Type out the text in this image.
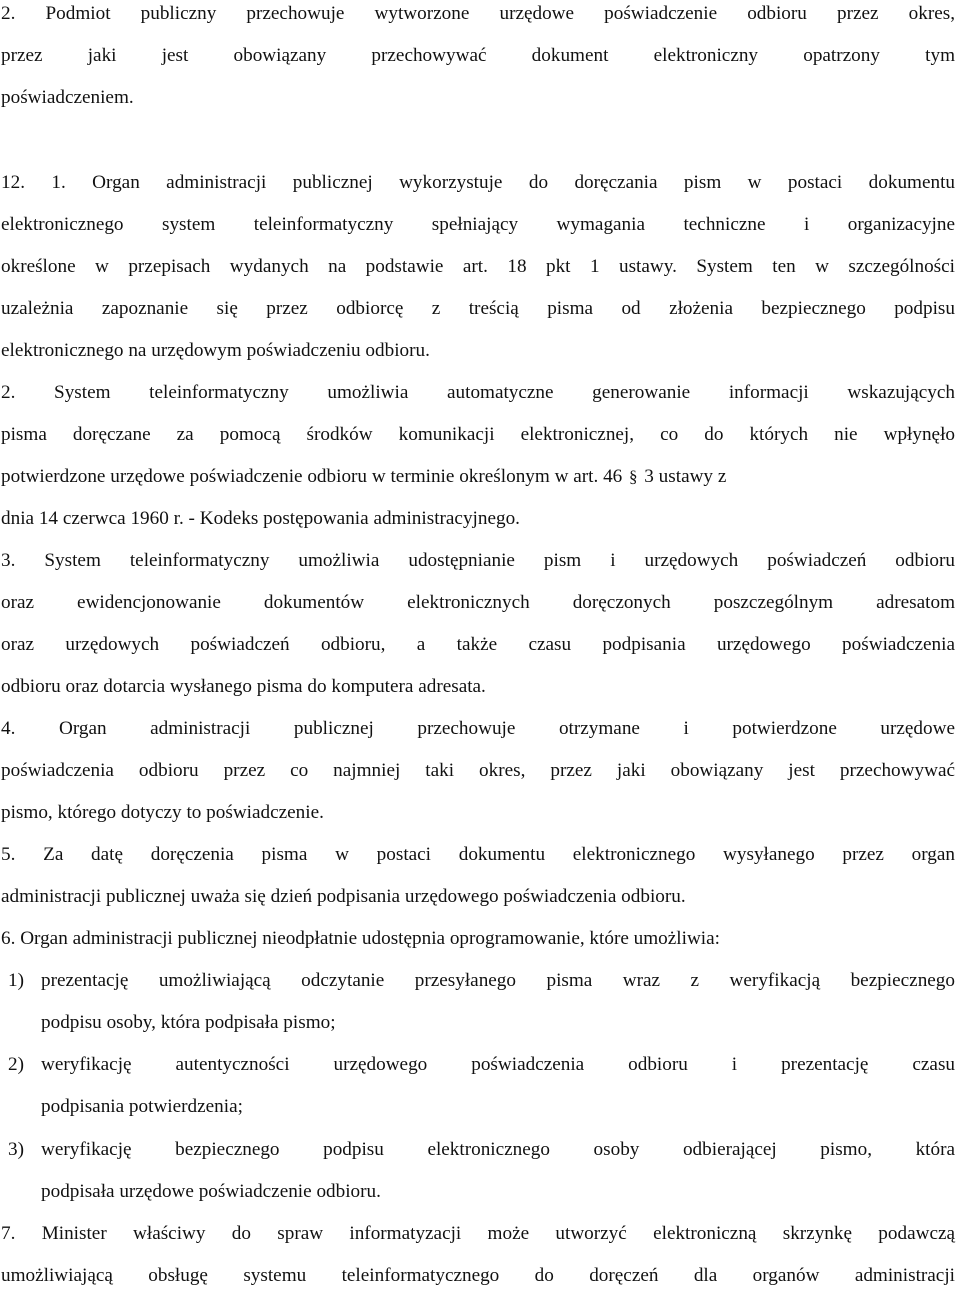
2. Podmiot publiczny przechowuje wytworzone urzędowe poświadczenie odbioru przez okres,
przez jaki jest obowiązany przechowywać dokument elektroniczny opatrzony tym
poświadczeniem.
12. 1. Organ administracji publicznej wykorzystuje do doręczania pism w postaci dokumentu
elektronicznego system teleinformatyczny spełniający wymagania techniczne i organizacyjne
określone w przepisach wydanych na podstawie art. 18 pkt 1 ustawy. System ten w szczególności
uzależnia zapoznanie się przez odbiorcę z treścią pisma od złożenia bezpiecznego podpisu
elektronicznego na urzędowym poświadczeniu odbioru.
2. System teleinformatyczny umożliwia automatyczne generowanie informacji wskazujących
pisma doręczane za pomocą środków komunikacji elektronicznej, co do których nie wpłynęło
potwierdzone urzędowe poświadczenie odbioru w terminie określonym w art. 46 § 3 ustawy z
dnia 14 czerwca 1960 r. - Kodeks postępowania administracyjnego.
3. System teleinformatyczny umożliwia udostępnianie pism i urzędowych poświadczeń odbioru
oraz ewidencjonowanie dokumentów elektronicznych doręczonych poszczególnym adresatom
oraz urzędowych poświadczeń odbioru, a także czasu podpisania urzędowego poświadczenia
odbioru oraz dotarcia wysłanego pisma do komputera adresata.
4. Organ administracji publicznej przechowuje otrzymane i potwierdzone urzędowe
poświadczenia odbioru przez co najmniej taki okres, przez jaki obowiązany jest przechowywać
pismo, którego dotyczy to poświadczenie.
5. Za datę doręczenia pisma w postaci dokumentu elektronicznego wysyłanego przez organ
administracji publicznej uważa się dzień podpisania urzędowego poświadczenia odbioru.
6. Organ administracji publicznej nieodpłatnie udostępnia oprogramowanie, które umożliwia:
1) prezentację umożliwiającą odczytanie przesyłanego pisma wraz z weryfikacją bezpiecznego
podpisu osoby, która podpisała pismo;
2) weryfikację autentyczności urzędowego poświadczenia odbioru i prezentację czasu
podpisania potwierdzenia;
3) weryfikację bezpiecznego podpisu elektronicznego osoby odbierającej pismo, która
podpisała urzędowe poświadczenie odbioru.
7. Minister właściwy do spraw informatyzacji może utworzyć elektroniczną skrzynkę podawczą
umożliwiającą obsługę systemu teleinformatycznego do doręczeń dla organów administracji
